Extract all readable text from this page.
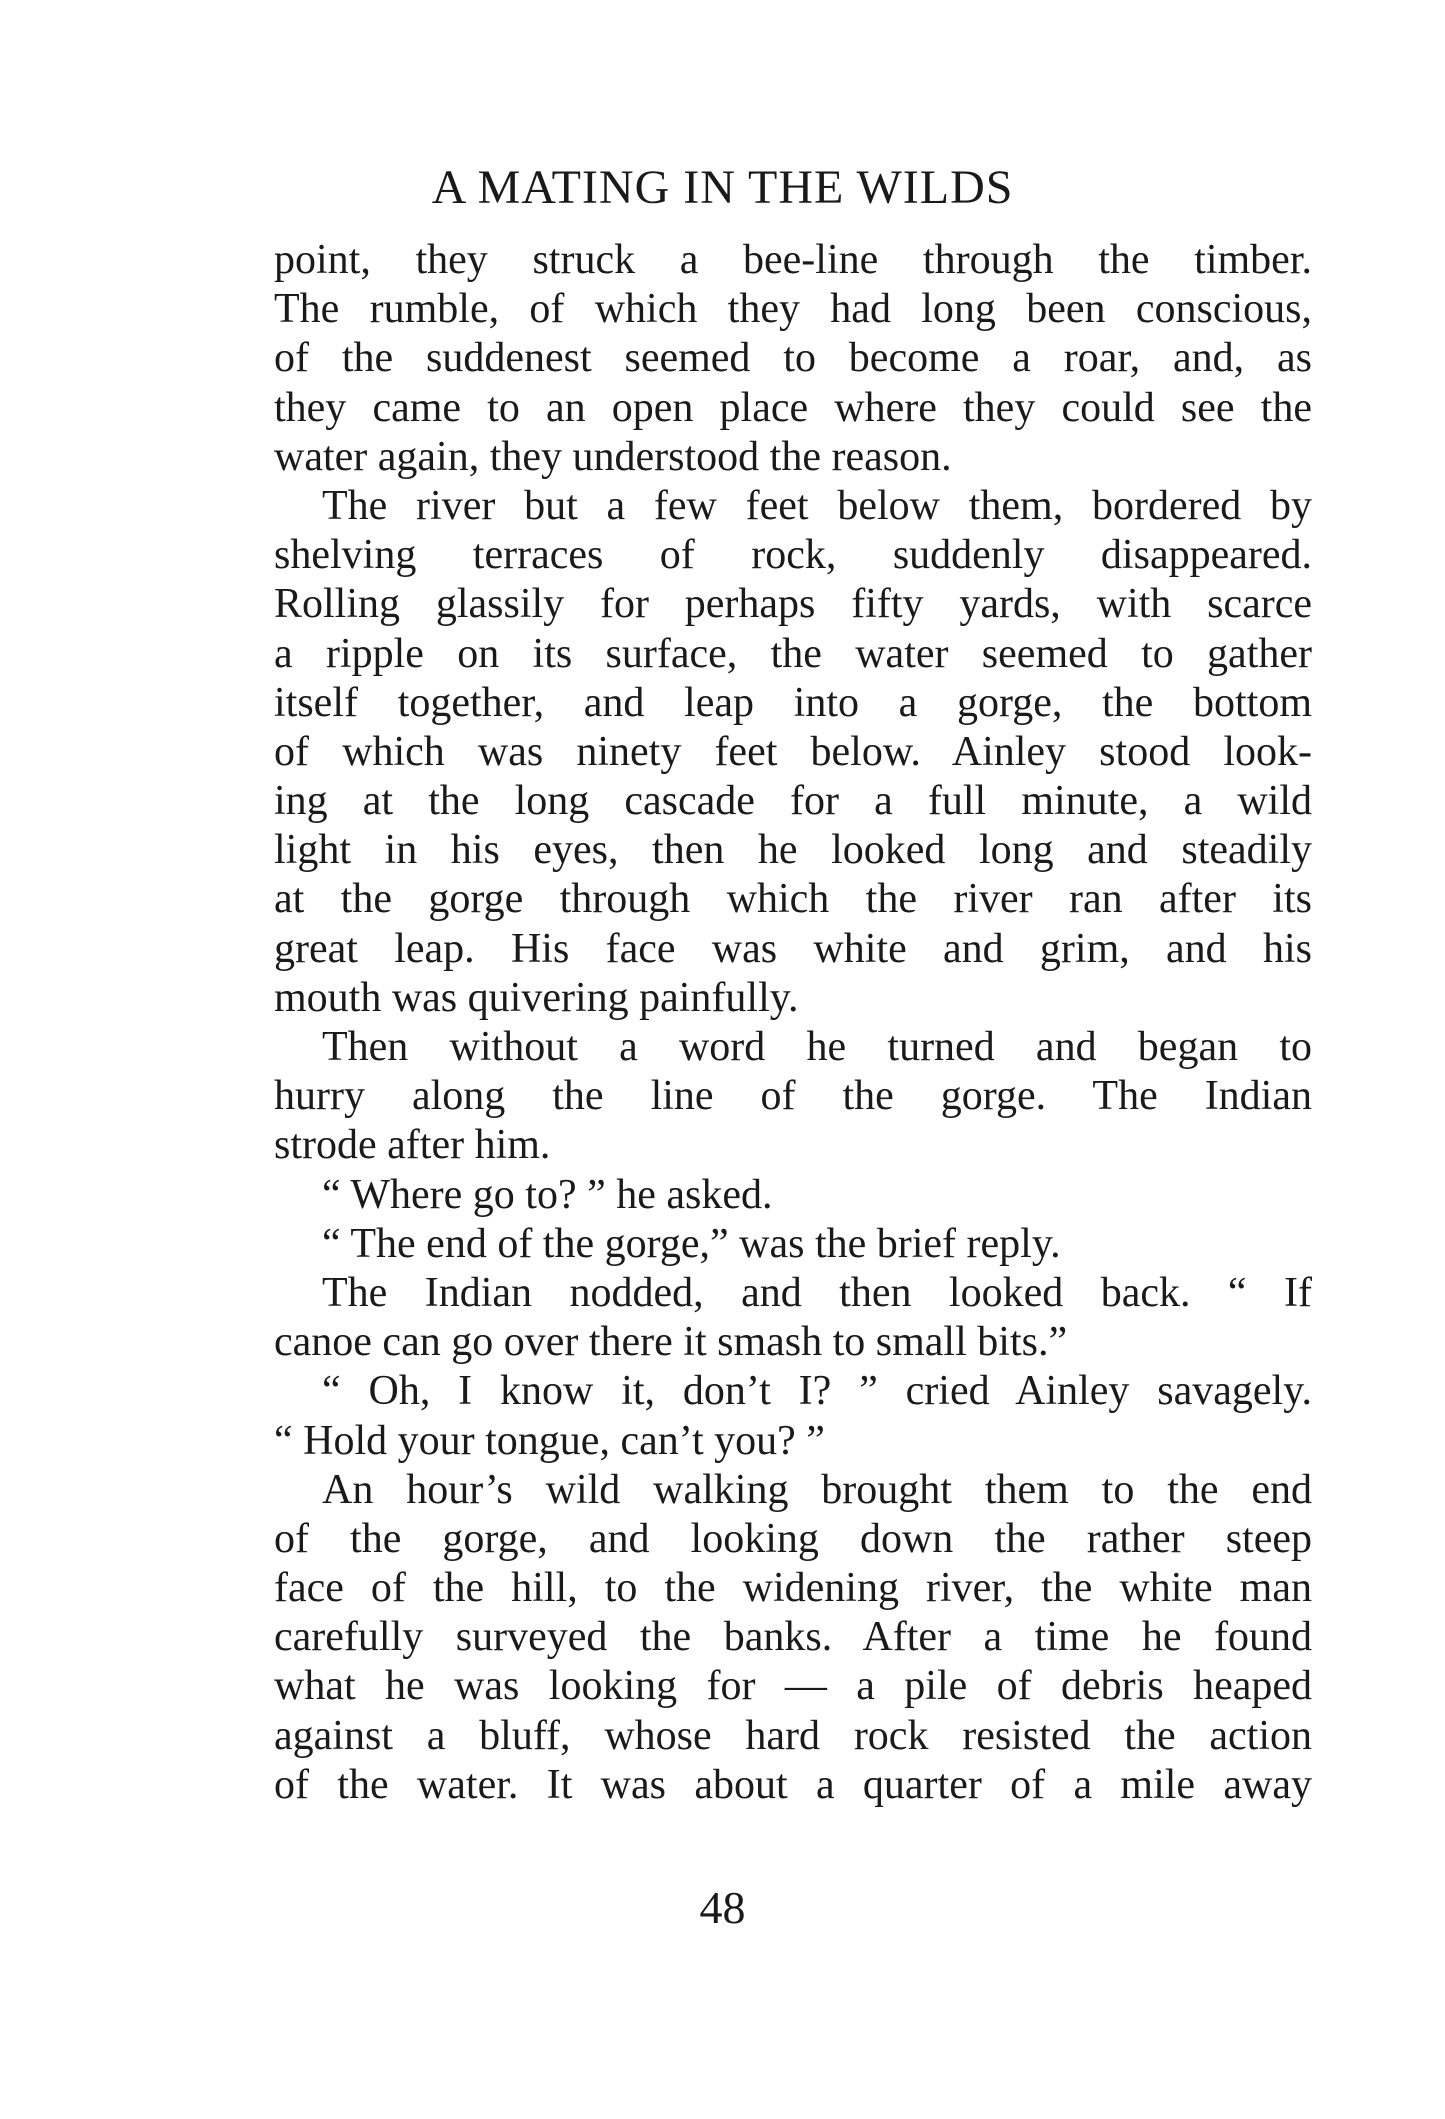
A MATING IN THE WILDS
point, they struck a bee-line through the timber.
The rumble, of which they had long been conscious,
of the suddenest seemed to become a roar, and, as
they came to an open place where they could see the
water again, they understood the reason.
The river but a few feet below them, bordered by
shelving terraces of rock, suddenly disappeared.
Rolling glassily for perhaps fifty yards, with scarce
a ripple on its surface, the water seemed to gather
itself together, and leap into a gorge, the bottom
of which was ninety feet below. Ainley stood look-
ing at the long cascade for a full minute, a wild
light in his eyes, then he looked long and steadily
at the gorge through which the river ran after its
great leap. His face was white and grim, and his
mouth was quivering painfully.
Then without a word he turned and began to
hurry along the line of the gorge. The Indian
strode after him.
“ Where go to? ” he asked.
“ The end of the gorge,” was the brief reply.
The Indian nodded, and then looked back. “ If
canoe can go over there it smash to small bits.”
“ Oh, I know it, don’t I? ” cried Ainley savagely.
“ Hold your tongue, can’t you? ”
An hour’s wild walking brought them to the end
of the gorge, and looking down the rather steep
face of the hill, to the widening river, the white man
carefully surveyed the banks. After a time he found
what he was looking for — a pile of debris heaped
against a bluff, whose hard rock resisted the action
of the water. It was about a quarter of a mile away
48
